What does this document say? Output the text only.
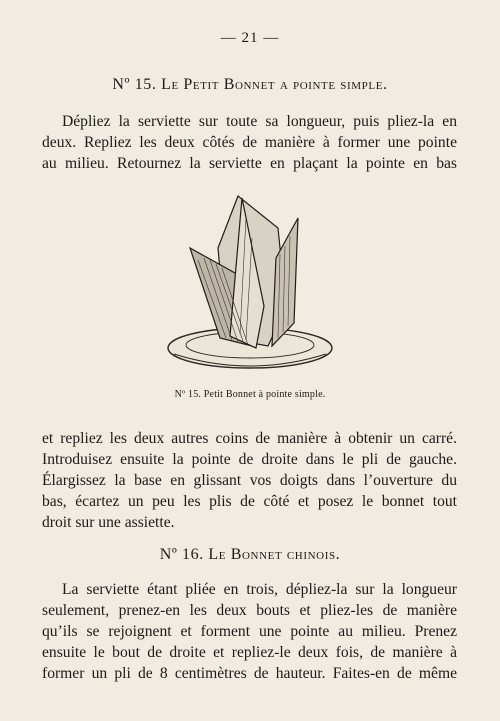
— 21 —
Nº 15. Le Petit Bonnet a pointe simple.
Dépliez la serviette sur toute sa longueur, puis pliez-la en
deux. Repliez les deux côtés de manière à former une pointe
au milieu. Retournez la serviette en plaçant la pointe en bas
Nº 15. Petit Bonnet à pointe simple.
et repliez les deux autres coins de manière à obtenir un carré.
Introduisez ensuite la pointe de droite dans le pli de gauche.
Élargissez la base en glissant vos doigts dans l’ouverture du
bas, écartez un peu les plis de côté et posez le bonnet tout
droit sur une assiette.
Nº 16. Le Bonnet chinois.
La serviette étant pliée en trois, dépliez-la sur la longueur
seulement, prenez-en les deux bouts et pliez-les de manière
qu’ils se rejoignent et forment une pointe au milieu. Prenez
ensuite le bout de droite et repliez-le deux fois, de manière à
former un pli de 8 centimètres de hauteur. Faites-en de même
